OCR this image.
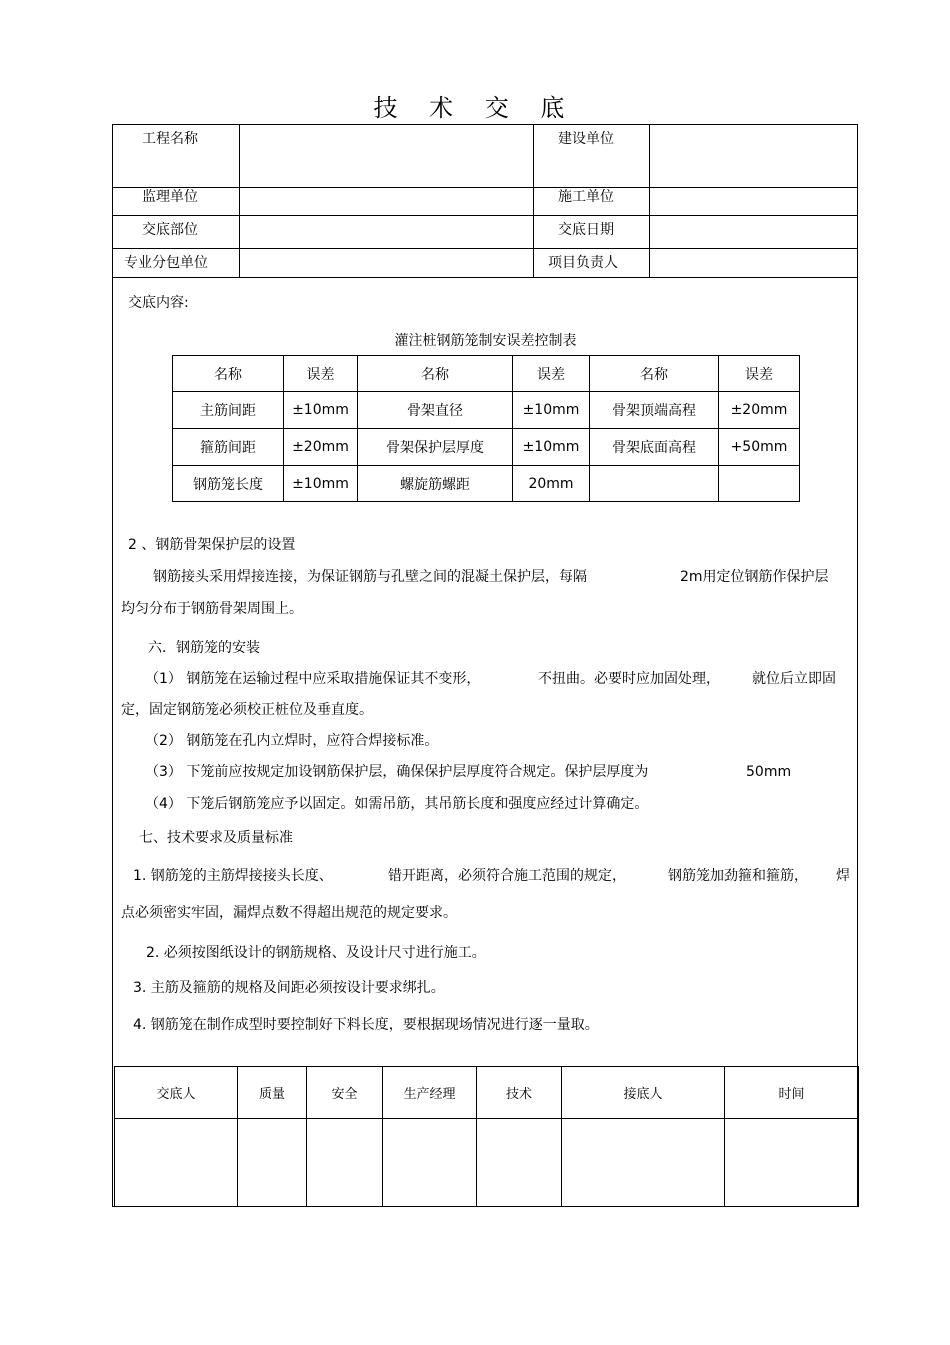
技 术 交 底
工程名称	建设单位
监理单位	施工单位
交底部位	交底日期
专业分包单位	项目负责人
交底内容:
灌注桩钢筋笼制安误差控制表
名称	误差	名称	误差	名称	误差
主筋间距	±10mm	骨架直径	±10mm	骨架顶端高程	±20mm
箍筋间距	±20mm	骨架保护层厚度	±10mm	骨架底面高程	+50mm
钢筋笼长度	±10mm	螺旋筋螺距	20mm		
2 、钢筋骨架保护层的设置
钢筋接头采用焊接连接，为保证钢筋与孔壁之间的混凝土保护层，每隔	2m用定位钢筋作保护层
均匀分布于钢筋骨架周围上。
六．钢筋笼的安装
（1） 钢筋笼在运输过程中应采取措施保证其不变形，	不扭曲。必要时应加固处理， 就位后立即固
定，固定钢筋笼必须校正桩位及垂直度。
（2） 钢筋笼在孔内立焊时，应符合焊接标准。
（3） 下笼前应按规定加设钢筋保护层，确保保护层厚度符合规定。保护层厚度为	50mm
（4） 下笼后钢筋笼应予以固定。如需吊筋，其吊筋长度和强度应经过计算确定。
七、技术要求及质量标准
1. 钢筋笼的主筋焊接接头长度、	错开距离，必须符合施工范围的规定，	钢筋笼加劲箍和箍筋， 焊
点必须密实牢固，漏焊点数不得超出规范的规定要求。
2. 必须按图纸设计的钢筋规格、及设计尺寸进行施工。
3. 主筋及箍筋的规格及间距必须按设计要求绑扎。
4. 钢筋笼在制作成型时要控制好下料长度，要根据现场情况进行逐一量取。
交底人	质量	安全	生产经理	技术	接底人	时间
